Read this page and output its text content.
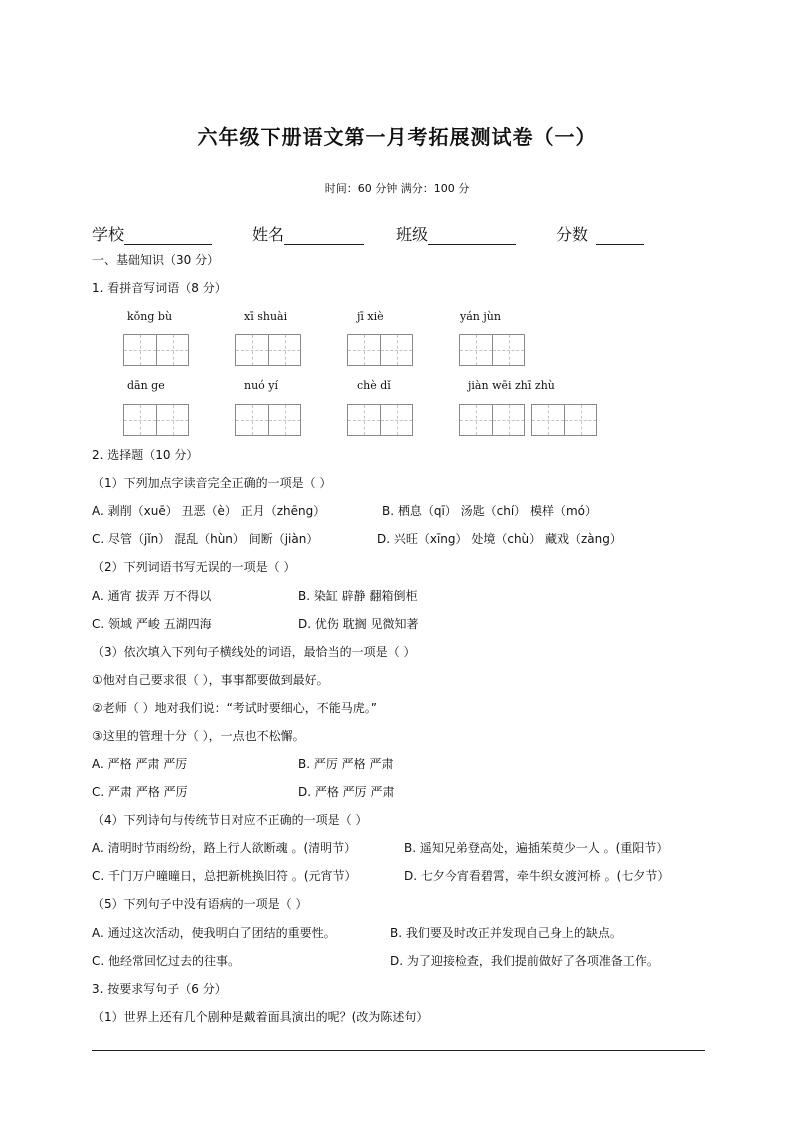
六年级下册语文第一月考拓展测试卷（一）
时间：60 分钟 满分：100 分
学校	姓名	班级	分数
一、基础知识（30 分）
1. 看拼音写词语（8 分）
kǒng bù	xī shuài	jī xiè	yán jùn
dān ge	nuó yí	chè dǐ	jiàn wēi zhī zhù
2. 选择题（10 分）
（1）下列加点字读音完全正确的一项是（ ）
A. 剥削（xuē） 丑恶（è） 正月（zhēng）	B. 栖息（qī） 汤匙（chí） 模样（mó）
C. 尽管（jǐn） 混乱（hùn） 间断（jiàn）	D. 兴旺（xīng） 处境（chù） 藏戏（zàng）
（2）下列词语书写无误的一项是（ ）
A. 通宵 拔弄 万不得以	B. 染缸 辟静 翻箱倒柜
C. 领域 严峻 五湖四海	D. 优伤 耽搁 见微知著
（3）依次填入下列句子横线处的词语，最恰当的一项是（ ）
①他对自己要求很（ ），事事都要做到最好。
②老师（ ）地对我们说：“考试时要细心，不能马虎。”
③这里的管理十分（ ），一点也不松懈。
A. 严格 严肃 严厉	B. 严厉 严格 严肃
C. 严肃 严格 严厉	D. 严格 严厉 严肃
（4）下列诗句与传统节日对应不正确的一项是（ ）
A. 清明时节雨纷纷，路上行人欲断魂 。(清明节）	B. 遥知兄弟登高处，遍插茱萸少一人 。(重阳节）
C. 千门万户曈曈日，总把新桃换旧符 。(元宵节）	D. 七夕今宵看碧霄，牵牛织女渡河桥 。(七夕节）
（5）下列句子中没有语病的一项是（ ）
A. 通过这次活动，使我明白了团结的重要性。	B. 我们要及时改正并发现自己身上的缺点。
C. 他经常回忆过去的往事。	D. 为了迎接检查，我们提前做好了各项准备工作。
3. 按要求写句子（6 分）
（1）世界上还有几个剧种是戴着面具演出的呢？(改为陈述句）
